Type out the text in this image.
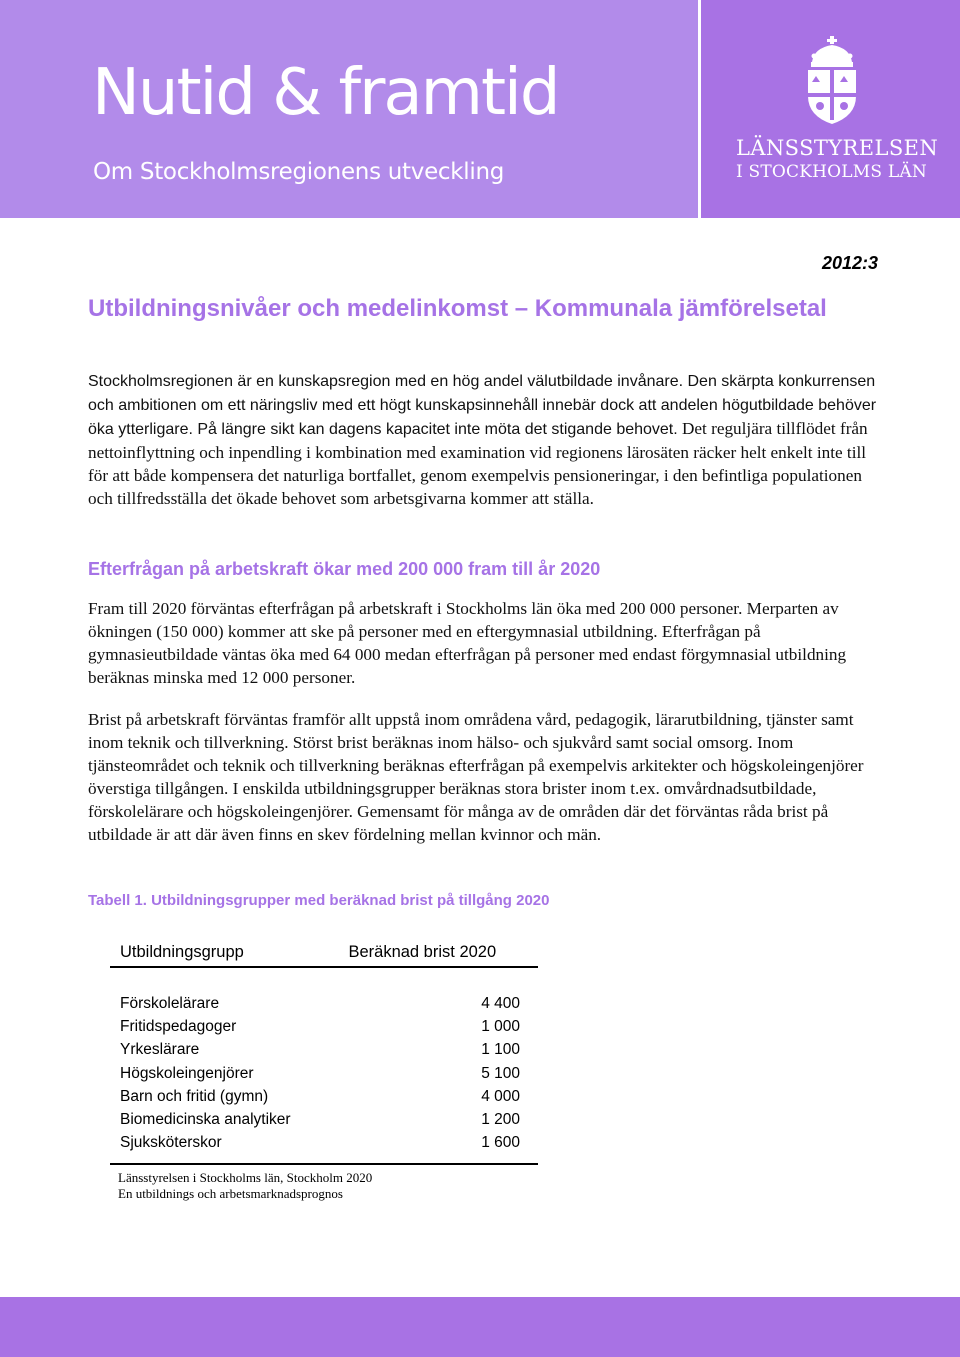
Nutid & framtid
Om Stockholmsregionens utveckling
LÄNSSTYRELSEN
I STOCKHOLMS LÄN
2012:3
Utbildningsnivåer och medelinkomst – Kommunala jämförelsetal

Stockholmsregionen är en kunskapsregion med en hög andel välutbildade invånare. Den skärpta konkurrensen och ambitionen om ett näringsliv med ett högt kunskapsinnehåll innebär dock att andelen högutbildade behöver öka ytterligare. På längre sikt kan dagens kapacitet inte möta det stigande behovet. Det reguljära tillflödet från nettoinflyttning och inpendling i kombination med examination vid regionens lärosäten räcker helt enkelt inte till för att både kompensera det naturliga bortfallet, genom exempelvis pensioneringar, i den befintliga populationen och tillfredsställa det ökade behovet som arbetsgivarna kommer att ställa.

Efterfrågan på arbetskraft ökar med 200 000 fram till år 2020

Fram till 2020 förväntas efterfrågan på arbetskraft i Stockholms län öka med 200 000 personer. Merparten av ökningen (150 000) kommer att ske på personer med en eftergymnasial utbildning. Efterfrågan på gymnasieutbildade väntas öka med 64 000 medan efterfrågan på personer med endast förgymnasial utbildning beräknas minska med 12 000 personer.

Brist på arbetskraft förväntas framför allt uppstå inom områdena vård, pedagogik, lärarutbildning, tjänster samt inom teknik och tillverkning. Störst brist beräknas inom hälso- och sjukvård samt social omsorg. Inom tjänsteområdet och teknik och tillverkning beräknas efterfrågan på exempelvis arkitekter och högskoleingenjörer överstiga tillgången. I enskilda utbildningsgrupper beräknas stora brister inom t.ex. omvårdnadsutbildade, förskolelärare och högskoleingenjörer. Gemensamt för många av de områden där det förväntas råda brist på utbildade är att där även finns en skev fördelning mellan kvinnor och män.

Tabell 1. Utbildningsgrupper med beräknad brist på tillgång 2020
Utbildningsgrupp	Beräknad brist 2020
Förskolelärare	4 400
Fritidspedagoger	1 000
Yrkeslärare	1 100
Högskoleingenjörer	5 100
Barn och fritid (gymn)	4 000
Biomedicinska analytiker	1 200
Sjuksköterskor	1 600
Länsstyrelsen i Stockholms län, Stockholm 2020
En utbildnings och arbetsmarknadsprognos
